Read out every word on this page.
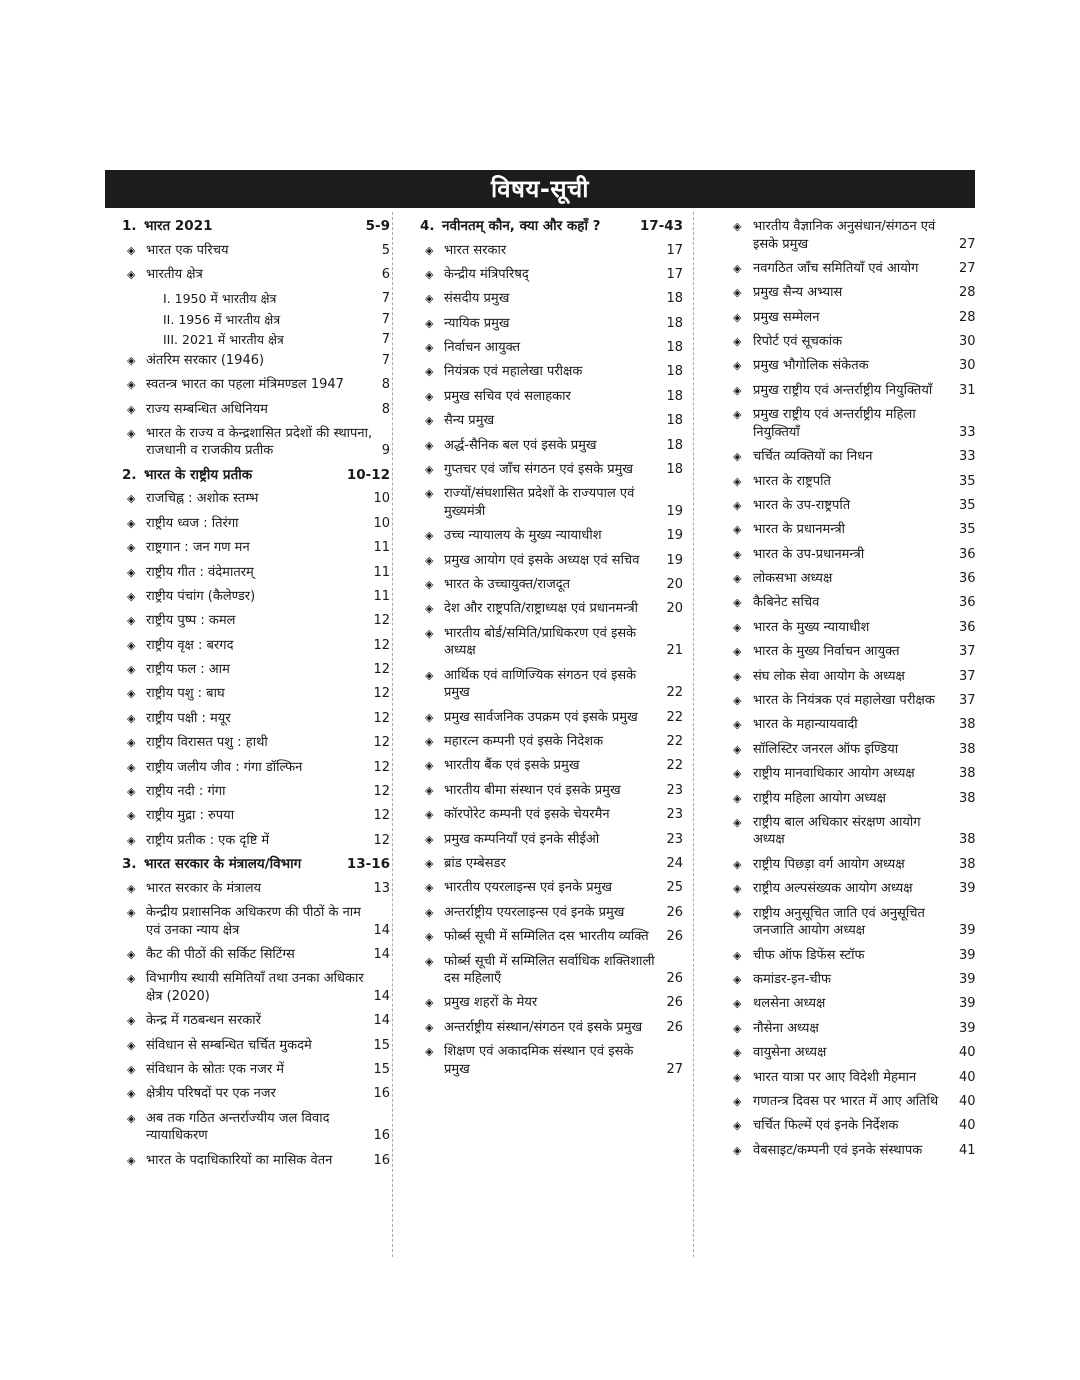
विषय-सूची
1. भारत 2021	5-9
◈ भारत एक परिचय	5
◈ भारतीय क्षेत्र	6
I. 1950 में भारतीय क्षेत्र	7
II. 1956 में भारतीय क्षेत्र	7
III. 2021 में भारतीय क्षेत्र	7
◈ अंतरिम सरकार (1946)	7
◈ स्वतन्त्र भारत का पहला मंत्रिमण्डल 1947	8
◈ राज्य सम्बन्धित अधिनियम	8
◈ भारत के राज्य व केन्द्रशासित प्रदेशों की स्थापना, राजधानी व राजकीय प्रतीक	9
2. भारत के राष्ट्रीय प्रतीक	10-12
◈ राजचिह्न : अशोक स्तम्भ	10
◈ राष्ट्रीय ध्वज : तिरंगा	10
◈ राष्ट्रगान : जन गण मन	11
◈ राष्ट्रीय गीत : वंदेमातरम्	11
◈ राष्ट्रीय पंचांग (कैलेण्डर)	11
◈ राष्ट्रीय पुष्प : कमल	12
◈ राष्ट्रीय वृक्ष : बरगद	12
◈ राष्ट्रीय फल : आम	12
◈ राष्ट्रीय पशु : बाघ	12
◈ राष्ट्रीय पक्षी : मयूर	12
◈ राष्ट्रीय विरासत पशु : हाथी	12
◈ राष्ट्रीय जलीय जीव : गंगा डॉल्फिन	12
◈ राष्ट्रीय नदी : गंगा	12
◈ राष्ट्रीय मुद्रा : रुपया	12
◈ राष्ट्रीय प्रतीक : एक दृष्टि में	12
3. भारत सरकार के मंत्रालय/विभाग	13-16
◈ भारत सरकार के मंत्रालय	13
◈ केन्द्रीय प्रशासनिक अधिकरण की पीठों के नाम एवं उनका न्याय क्षेत्र	14
◈ कैट की पीठों की सर्किट सिटिंग्स	14
◈ विभागीय स्थायी समितियाँ तथा उनका अधिकार क्षेत्र (2020)	14
◈ केन्द्र में गठबन्धन सरकारें	14
◈ संविधान से सम्बन्धित चर्चित मुकदमे	15
◈ संविधान के स्रोतः एक नजर में	15
◈ क्षेत्रीय परिषदों पर एक नजर	16
◈ अब तक गठित अन्तर्राज्यीय जल विवाद न्यायाधिकरण	16
◈ भारत के पदाधिकारियों का मासिक वेतन	16
4. नवीनतम् कौन, क्या और कहाँ ?	17-43
◈ भारत सरकार	17
◈ केन्द्रीय मंत्रिपरिषद्	17
◈ संसदीय प्रमुख	18
◈ न्यायिक प्रमुख	18
◈ निर्वाचन आयुक्त	18
◈ नियंत्रक एवं महालेखा परीक्षक	18
◈ प्रमुख सचिव एवं सलाहकार	18
◈ सैन्य प्रमुख	18
◈ अर्द्ध-सैनिक बल एवं इसके प्रमुख	18
◈ गुप्तचर एवं जाँच संगठन एवं इसके प्रमुख	18
◈ राज्यों/संघशासित प्रदेशों के राज्यपाल एवं मुख्यमंत्री	19
◈ उच्च न्यायालय के मुख्य न्यायाधीश	19
◈ प्रमुख आयोग एवं इसके अध्यक्ष एवं सचिव	19
◈ भारत के उच्चायुक्त/राजदूत	20
◈ देश और राष्ट्रपति/राष्ट्राध्यक्ष एवं प्रधानमन्त्री	20
◈ भारतीय बोर्ड/समिति/प्राधिकरण एवं इसके अध्यक्ष	21
◈ आर्थिक एवं वाणिज्यिक संगठन एवं इसके प्रमुख	22
◈ प्रमुख सार्वजनिक उपक्रम एवं इसके प्रमुख	22
◈ महारत्न कम्पनी एवं इसके निदेशक	22
◈ भारतीय बैंक एवं इसके प्रमुख	22
◈ भारतीय बीमा संस्थान एवं इसके प्रमुख	23
◈ कॉरपोरेट कम्पनी एवं इसके चेयरमैन	23
◈ प्रमुख कम्पनियाँ एवं इनके सीईओ	23
◈ ब्रांड एम्बेसडर	24
◈ भारतीय एयरलाइन्स एवं इनके प्रमुख	25
◈ अन्तर्राष्ट्रीय एयरलाइन्स एवं इनके प्रमुख	26
◈ फोर्ब्स सूची में सम्मिलित दस भारतीय व्यक्ति	26
◈ फोर्ब्स सूची में सम्मिलित सर्वाधिक शक्तिशाली दस महिलाएँ	26
◈ प्रमुख शहरों के मेयर	26
◈ अन्तर्राष्ट्रीय संस्थान/संगठन एवं इसके प्रमुख	26
◈ शिक्षण एवं अकादमिक संस्थान एवं इसके प्रमुख	27
◈ भारतीय वैज्ञानिक अनुसंधान/संगठन एवं इसके प्रमुख	27
◈ नवगठित जाँच समितियाँ एवं आयोग	27
◈ प्रमुख सैन्य अभ्यास	28
◈ प्रमुख सम्मेलन	28
◈ रिपोर्ट एवं सूचकांक	30
◈ प्रमुख भौगोलिक संकेतक	30
◈ प्रमुख राष्ट्रीय एवं अन्तर्राष्ट्रीय नियुक्तियाँ	31
◈ प्रमुख राष्ट्रीय एवं अन्तर्राष्ट्रीय महिला नियुक्तियाँ	33
◈ चर्चित व्यक्तियों का निधन	33
◈ भारत के राष्ट्रपति	35
◈ भारत के उप-राष्ट्रपति	35
◈ भारत के प्रधानमन्त्री	35
◈ भारत के उप-प्रधानमन्त्री	36
◈ लोकसभा अध्यक्ष	36
◈ कैबिनेट सचिव	36
◈ भारत के मुख्य न्यायाधीश	36
◈ भारत के मुख्य निर्वाचन आयुक्त	37
◈ संघ लोक सेवा आयोग के अध्यक्ष	37
◈ भारत के नियंत्रक एवं महालेखा परीक्षक	37
◈ भारत के महान्यायवादी	38
◈ सॉलिस्टिर जनरल ऑफ इण्डिया	38
◈ राष्ट्रीय मानवाधिकार आयोग अध्यक्ष	38
◈ राष्ट्रीय महिला आयोग अध्यक्ष	38
◈ राष्ट्रीय बाल अधिकार संरक्षण आयोग अध्यक्ष	38
◈ राष्ट्रीय पिछड़ा वर्ग आयोग अध्यक्ष	38
◈ राष्ट्रीय अल्पसंख्यक आयोग अध्यक्ष	39
◈ राष्ट्रीय अनुसूचित जाति एवं अनुसूचित जनजाति आयोग अध्यक्ष	39
◈ चीफ ऑफ डिफेंस स्टॉफ	39
◈ कमांडर-इन-चीफ	39
◈ थलसेना अध्यक्ष	39
◈ नौसेना अध्यक्ष	39
◈ वायुसेना अध्यक्ष	40
◈ भारत यात्रा पर आए विदेशी मेहमान	40
◈ गणतन्त्र दिवस पर भारत में आए अतिथि	40
◈ चर्चित फिल्में एवं इनके निर्देशक	40
◈ वेबसाइट/कम्पनी एवं इनके संस्थापक	41
